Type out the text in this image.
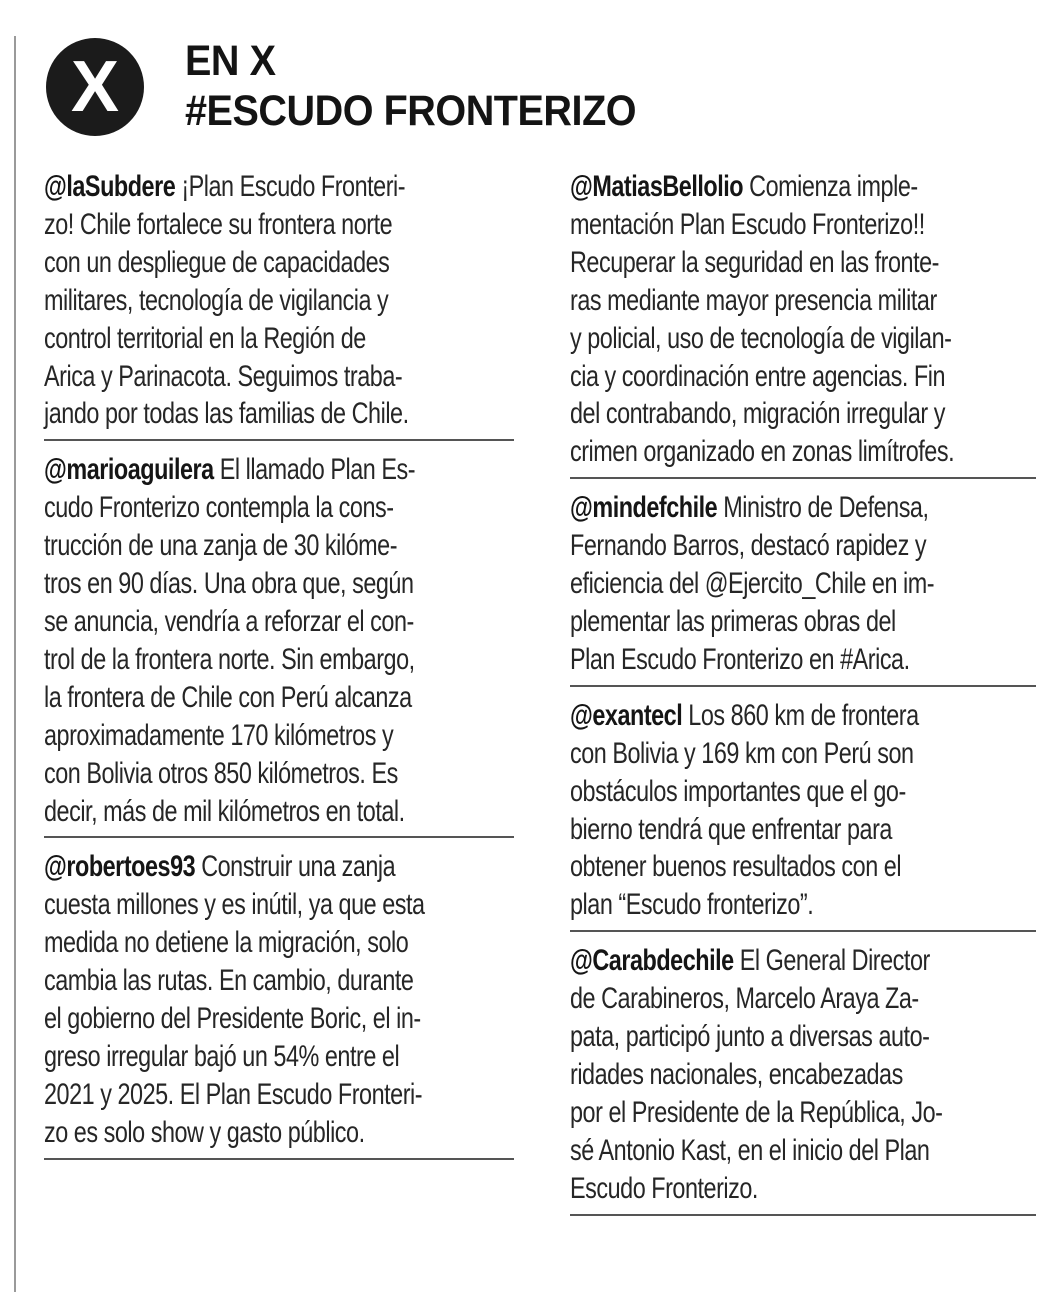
X EN X
#ESCUDO FRONTERIZO
@laSubdere ¡Plan Escudo Fronteri-
zo! Chile fortalece su frontera norte
con un despliegue de capacidades
militares, tecnología de vigilancia y
control territorial en la Región de
Arica y Parinacota. Seguimos traba-
jando por todas las familias de Chile.
@marioaguilera El llamado Plan Es-
cudo Fronterizo contempla la cons-
trucción de una zanja de 30 kilóme-
tros en 90 días. Una obra que, según
se anuncia, vendría a reforzar el con-
trol de la frontera norte. Sin embargo,
la frontera de Chile con Perú alcanza
aproximadamente 170 kilómetros y
con Bolivia otros 850 kilómetros. Es
decir, más de mil kilómetros en total.
@robertoes93 Construir una zanja
cuesta millones y es inútil, ya que esta
medida no detiene la migración, solo
cambia las rutas. En cambio, durante
el gobierno del Presidente Boric, el in-
greso irregular bajó un 54% entre el
2021 y 2025. El Plan Escudo Fronteri-
zo es solo show y gasto público.
@MatiasBellolio Comienza imple-
mentación Plan Escudo Fronterizo!!
Recuperar la seguridad en las fronte-
ras mediante mayor presencia militar
y policial, uso de tecnología de vigilan-
cia y coordinación entre agencias. Fin
del contrabando, migración irregular y
crimen organizado en zonas limítrofes.
@mindefchile Ministro de Defensa,
Fernando Barros, destacó rapidez y
eficiencia del @Ejercito_Chile en im-
plementar las primeras obras del
Plan Escudo Fronterizo en #Arica.
@exantecl Los 860 km de frontera
con Bolivia y 169 km con Perú son
obstáculos importantes que el go-
bierno tendrá que enfrentar para
obtener buenos resultados con el
plan “Escudo fronterizo”.
@Carabdechile El General Director
de Carabineros, Marcelo Araya Za-
pata, participó junto a diversas auto-
ridades nacionales, encabezadas
por el Presidente de la República, Jo-
sé Antonio Kast, en el inicio del Plan
Escudo Fronterizo.
